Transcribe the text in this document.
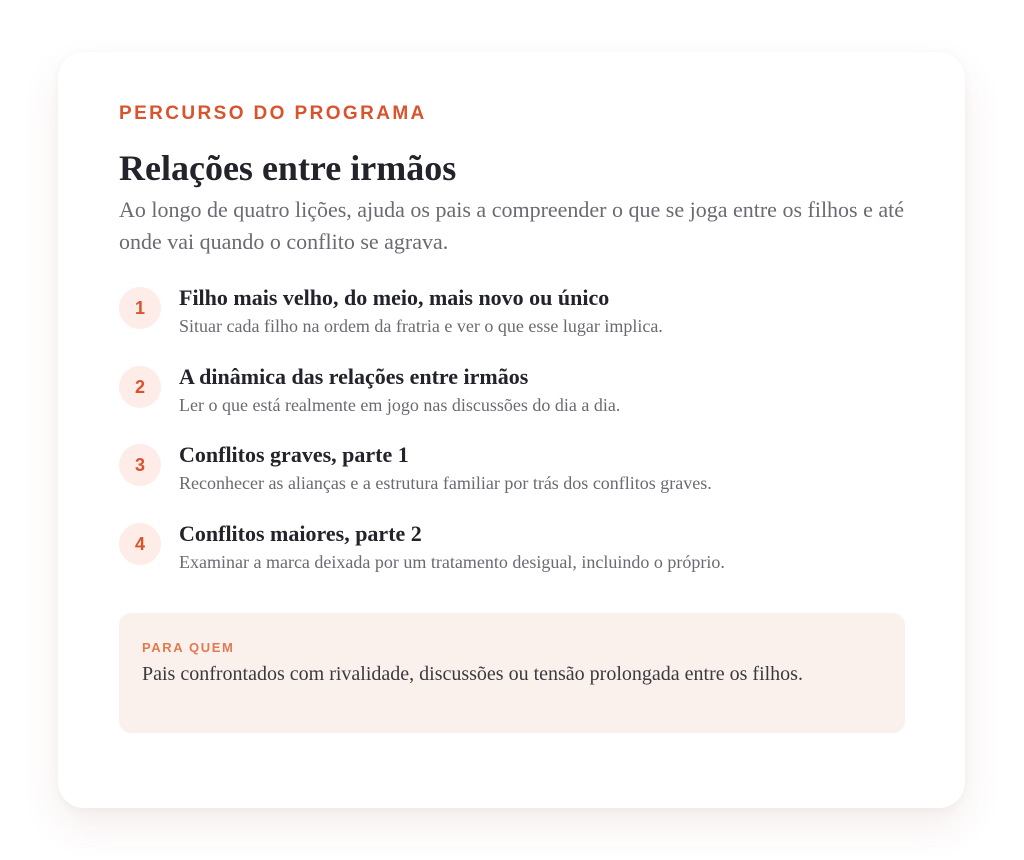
PERCURSO DO PROGRAMA
Relações entre irmãos
Ao longo de quatro lições, ajuda os pais a compreender o que se joga entre os filhos e até onde vai quando o conflito se agrava.
1	Filho mais velho, do meio, mais novo ou único
Situar cada filho na ordem da fratria e ver o que esse lugar implica.
2	A dinâmica das relações entre irmãos
Ler o que está realmente em jogo nas discussões do dia a dia.
3	Conflitos graves, parte 1
Reconhecer as alianças e a estrutura familiar por trás dos conflitos graves.
4	Conflitos maiores, parte 2
Examinar a marca deixada por um tratamento desigual, incluindo o próprio.
PARA QUEM
Pais confrontados com rivalidade, discussões ou tensão prolongada entre os filhos.
